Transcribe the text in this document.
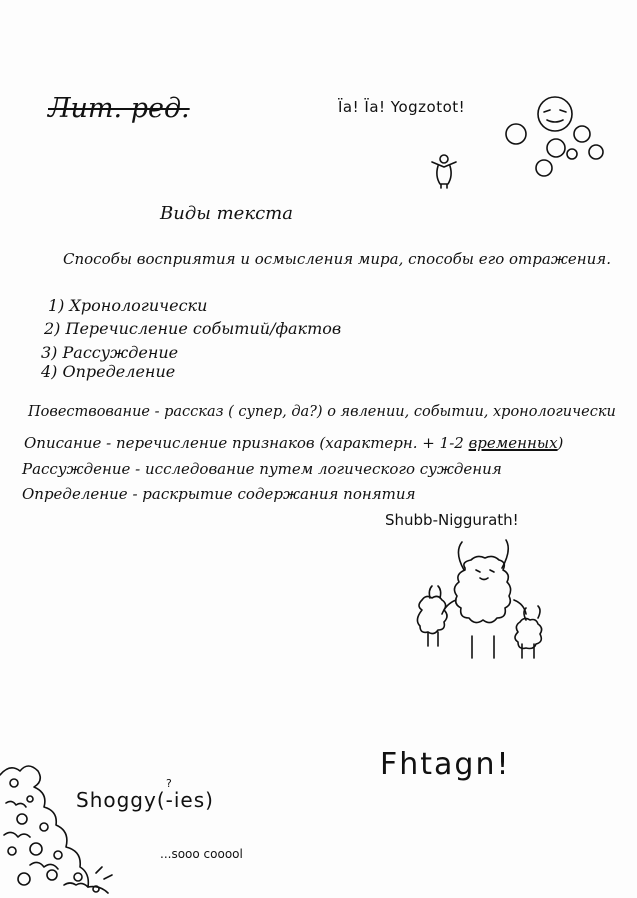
Лит. ред.	Ïa! Ïa! Yogzotot!
Виды текста
Способы восприятия и осмысления мира, способы его отражения.
1) Хронологически
2) Перечисление событий/фактов
3) Рассуждение
4) Определение
Повествование - рассказ ( супер, да?) о явлении, событии, хронологически
Описание - перечисление признаков (характерн. + 1-2 временных)
Рассуждение - исследование путем логического суждения
Определение - раскрытие содержания понятия
Shubb-Niggurath!
Fhtagn!
?
Shoggy(-ies)
...sooo cooool
